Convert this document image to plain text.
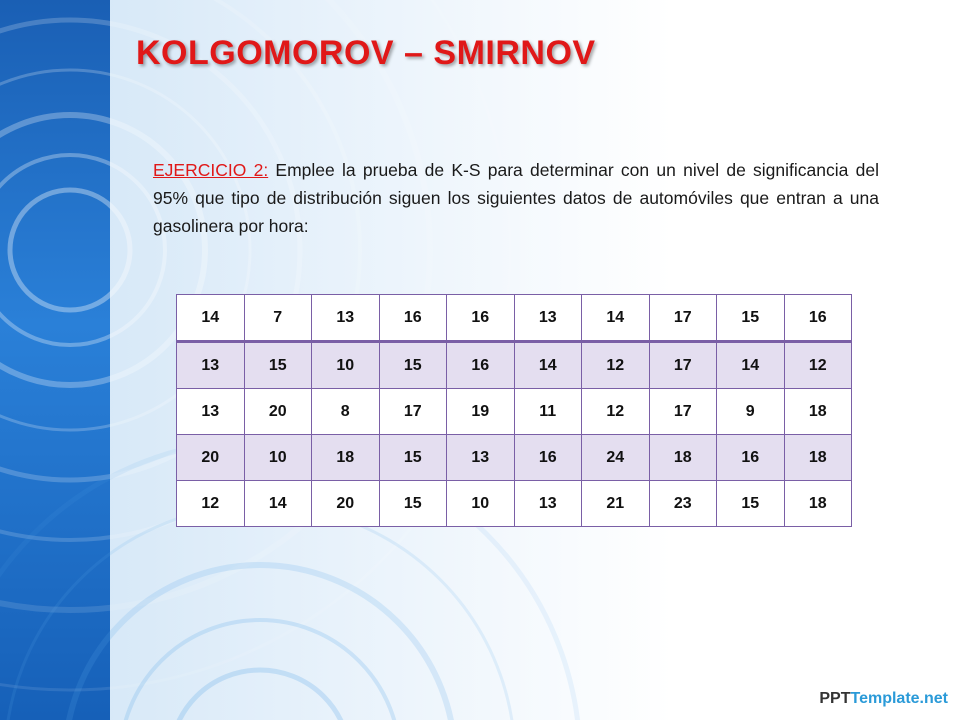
KOLGOMOROV – SMIRNOV

EJERCICIO 2: Emplee la prueba de K-S para determinar con un nivel de significancia del 95% que tipo de distribución siguen los siguientes datos de automóviles que entran a una gasolinera por hora:

14	7	13	16	16	13	14	17	15	16
13	15	10	15	16	14	12	17	14	12
13	20	8	17	19	11	12	17	9	18
20	10	18	15	13	16	24	18	16	18
12	14	20	15	10	13	21	23	15	18
PPTTemplate.net
